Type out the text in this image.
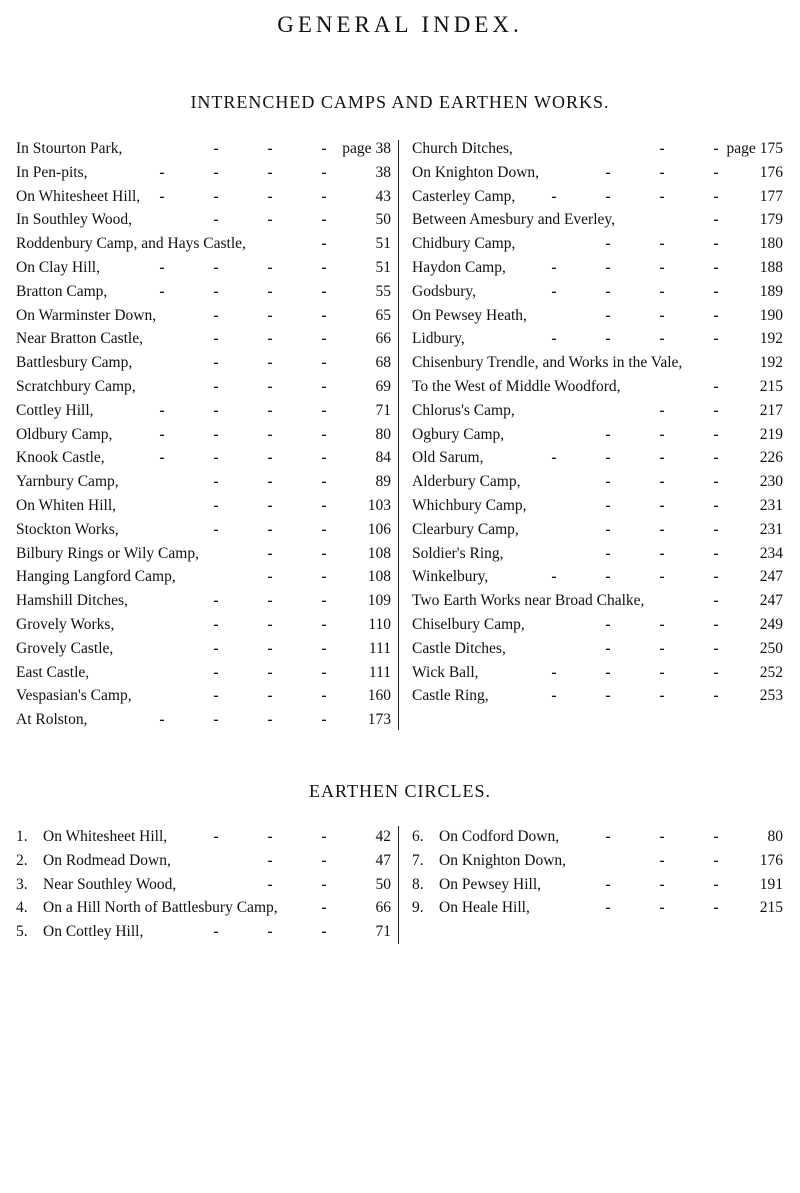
GENERAL INDEX.
INTRENCHED CAMPS AND EARTHEN WORKS.
In Stourton Park,	-	-	-	page 38
In Pen-pits,	-	-	-	-	38
On Whitesheet Hill,	-	-	-	-	43
In Southley Wood,	-	-	-	50
Roddenbury Camp, and Hays Castle,	-	51
On Clay Hill,	-	-	-	-	51
Bratton Camp,	-	-	-	-	55
On Warminster Down,	-	-	-	65
Near Bratton Castle,	-	-	-	66
Battlesbury Camp,	-	-	-	68
Scratchbury Camp,	-	-	-	69
Cottley Hill,	-	-	-	-	71
Oldbury Camp,	-	-	-	-	80
Knook Castle,	-	-	-	-	84
Yarnbury Camp,	-	-	-	89
On Whiten Hill,	-	-	-	103
Stockton Works,	-	-	-	106
Bilbury Rings or Wily Camp,	-	-	108
Hanging Langford Camp,	-	-	108
Hamshill Ditches,	-	-	-	109
Grovely Works,	-	-	-	110
Grovely Castle,	-	-	-	111
East Castle,	-	-	-	111
Vespasian's Camp,	-	-	-	160
At Rolston,	-	-	-	-	173
Church Ditches,	-	- page 175
On Knighton Down,	-	-	-	176
Casterley Camp,	-	-	-	-	177
Between Amesbury and Everley,	-	179
Chidbury Camp,	-	-	-	180
Haydon Camp,	-	-	-	-	188
Godsbury,	-	-	-	-	189
On Pewsey Heath,	-	-	-	190
Lidbury,	-	-	-	-	192
Chisenbury Trendle, and Works in the Vale,	192
To the West of Middle Woodford,	-	215
Chlorus's Camp,	-	-	217
Ogbury Camp,	-	-	-	219
Old Sarum,	-	-	-	-	226
Alderbury Camp,	-	-	-	230
Whichbury Camp,	-	-	-	231
Clearbury Camp,	-	-	-	231
Soldier's Ring,	-	-	-	234
Winkelbury,	-	-	-	-	247
Two Earth Works near Broad Chalke,	-	247
Chiselbury Camp,	-	-	-	249
Castle Ditches,	-	-	-	250
Wick Ball,	-	-	-	-	252
Castle Ring,	-	-	-	-	253
EARTHEN CIRCLES.
1. On Whitesheet Hill,	-	-	-	42
2. On Rodmead Down,	-	-	47
3. Near Southley Wood,	-	-	50
4. On a Hill North of Battlesbury Camp,	-	66
5. On Cottley Hill,	-	-	-	71
6. On Codford Down,	-	-	-	80
7. On Knighton Down,	-	-	176
8. On Pewsey Hill,	-	-	-	191
9. On Heale Hill,	-	-	-	215
